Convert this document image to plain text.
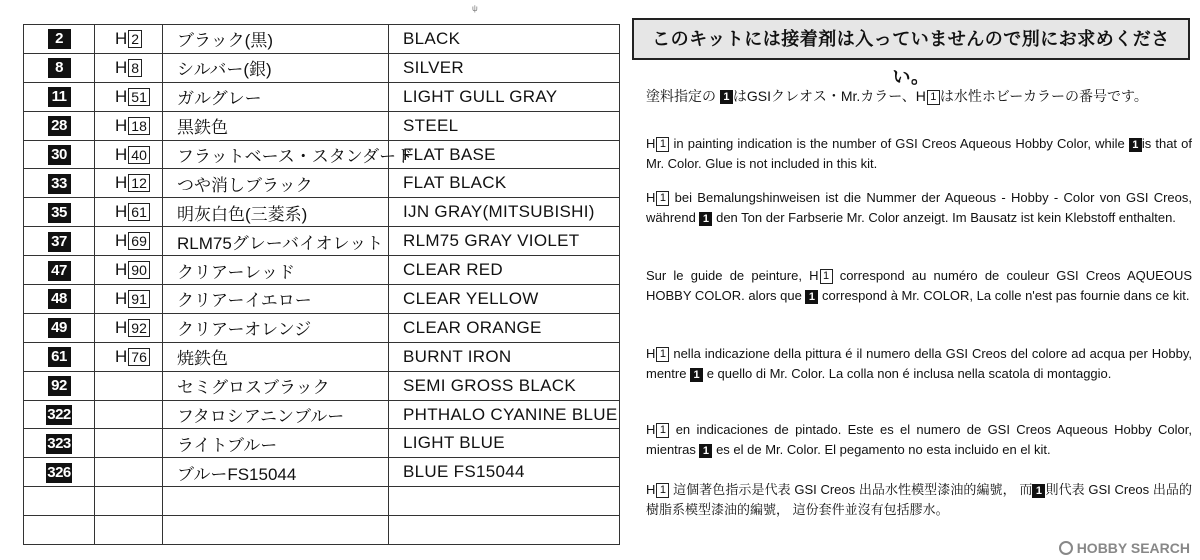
ψ
2	H 2	ブラック(黒)	BLACK
8	H 8	シルバー(銀)	SILVER
11	H 51	ガルグレー	LIGHT GULL GRAY
28	H 18	黒鉄色	STEEL
30	H 40	フラットベース・スタンダード	FLAT BASE
33	H 12	つや消しブラック	FLAT BLACK
35	H 61	明灰白色(三菱系)	IJN GRAY(MITSUBISHI)
37	H 69	RLM75グレーバイオレット	RLM75 GRAY VIOLET
47	H 90	クリアーレッド	CLEAR RED
48	H 91	クリアーイエロー	CLEAR YELLOW
49	H 92	クリアーオレンジ	CLEAR ORANGE
61	H 76	焼鉄色	BURNT IRON
92		セミグロスブラック	SEMI GROSS BLACK
322		フタロシアニンブルー	PHTHALO CYANINE BLUE
323		ライトブルー	LIGHT BLUE
326		ブルーFS15044	BLUE FS15044

このキットには接着剤は入っていませんので別にお求めください。

塗料指定の 1 はGSIクレオス・Mr.カラー、H 1 は水性ホビーカラーの番号です。

H 1 in painting indication is the number of GSI Creos Aqueous Hobby Color, while 1 is that of Mr. Color. Glue is not included in this kit.

H 1 bei Bemalungshinweisen ist die Nummer der Aqueous - Hobby - Color von GSI Creos, während 1 den Ton der Farbserie Mr. Color anzeigt. Im Bausatz ist kein Klebstoff enthalten.

Sur le guide de peinture, H 1 correspond au numéro de couleur GSI Creos AQUEOUS HOBBY COLOR. alors que 1 correspond à Mr. COLOR, La colle n'est pas fournie dans ce kit.

H 1 nella indicazione della pittura é il numero della GSI Creos del colore ad acqua per Hobby, mentre 1 e quello di Mr. Color. La colla non é inclusa nella scatola di montaggio.

H 1 en indicaciones de pintado. Este es el numero de GSI Creos Aqueous Hobby Color, mientras 1 es el de Mr. Color. El pegamento no esta incluido en el kit.

H 1 這個著色指示是代表 GSI Creos 出品水性模型漆油的編號， 而 1 則代表 GSI Creos 出品的樹脂系模型漆油的編號， 這份套件並沒有包括膠水。

HOBBY SEARCH
